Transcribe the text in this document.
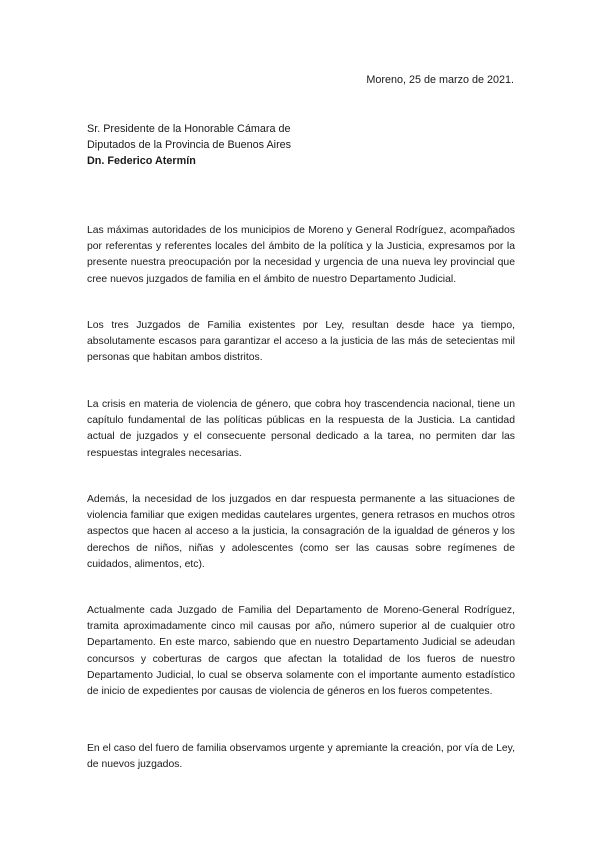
Moreno, 25 de marzo de 2021.
Sr. Presidente de la Honorable Cámara de
Diputados de la Provincia de Buenos Aires
Dn. Federico Atermín

Las máximas autoridades de los municipios de Moreno y General Rodríguez, acompañados por referentas y referentes locales del ámbito de la política y la Justicia, expresamos por la presente nuestra preocupación por la necesidad y urgencia de una nueva ley provincial que cree nuevos juzgados de familia en el ámbito de nuestro Departamento Judicial.

Los tres Juzgados de Familia existentes por Ley, resultan desde hace ya tiempo, absolutamente escasos para garantizar el acceso a la justicia de las más de setecientas mil personas que habitan ambos distritos.

La crisis en materia de violencia de género, que cobra hoy trascendencia nacional, tiene un capítulo fundamental de las políticas públicas en la respuesta de la Justicia. La cantidad actual de juzgados y el consecuente personal dedicado a la tarea, no permiten dar las respuestas integrales necesarias.

Además, la necesidad de los juzgados en dar respuesta permanente a las situaciones de violencia familiar que exigen medidas cautelares urgentes, genera retrasos en muchos otros aspectos que hacen al acceso a la justicia, la consagración de la igualdad de géneros y los derechos de niños, niñas y adolescentes (como ser las causas sobre regímenes de cuidados, alimentos, etc).

Actualmente cada Juzgado de Familia del Departamento de Moreno-General Rodríguez, tramita aproximadamente cinco mil causas por año, número superior al de cualquier otro Departamento. En este marco, sabiendo que en nuestro Departamento Judicial se adeudan concursos y coberturas de cargos que afectan la totalidad de los fueros de nuestro Departamento Judicial, lo cual se observa solamente con el importante aumento estadístico de inicio de expedientes por causas de violencia de géneros en los fueros competentes.

En el caso del fuero de familia observamos urgente y apremiante la creación, por vía de Ley, de nuevos juzgados.
